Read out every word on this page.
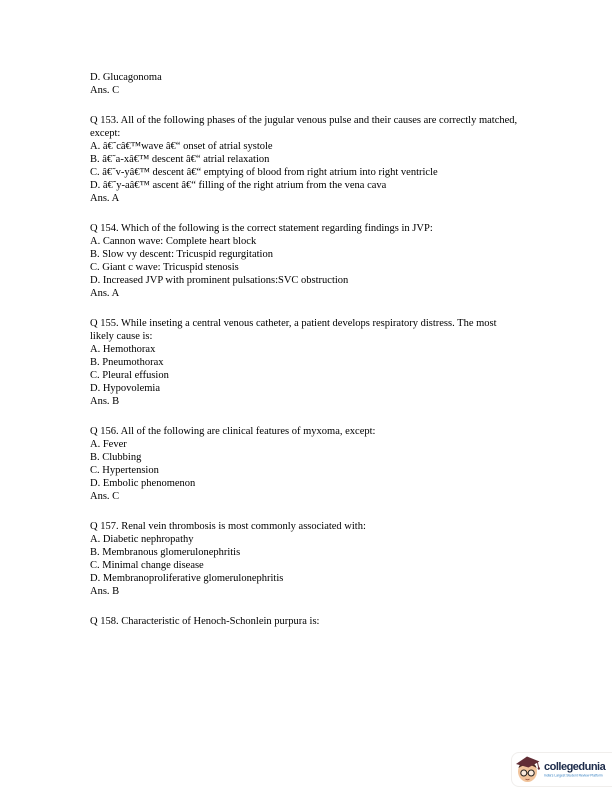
D. Glucagonoma
Ans. C

Q 153. All of the following phases of the jugular venous pulse and their causes are correctly matched, except:

A. â€˜câ€™wave â€“ onset of atrial systole
B. â€˜a-xâ€™ descent â€“ atrial relaxation
C. â€˜v-yâ€™ descent â€“ emptying of blood from right atrium into right ventricle
D. â€˜y-aâ€™ ascent â€“ filling of the right atrium from the vena cava
Ans. A

Q 154. Which of the following is the correct statement regarding findings in JVP:

A. Cannon wave: Complete heart block
B. Slow vy descent: Tricuspid regurgitation
C. Giant c wave: Tricuspid stenosis
D. Increased JVP with prominent pulsations:SVC obstruction
Ans. A

Q 155. While inseting a central venous catheter, a patient develops respiratory distress. The most likely cause is:

A. Hemothorax
B. Pneumothorax
C. Pleural effusion
D. Hypovolemia
Ans. B

Q 156. All of the following are clinical features of myxoma, except:

A. Fever
B. Clubbing
C. Hypertension
D. Embolic phenomenon
Ans. C

Q 157. Renal vein thrombosis is most commonly associated with:

A. Diabetic nephropathy
B. Membranous glomerulonephritis
C. Minimal change disease
D. Membranoproliferative glomerulonephritis
Ans. B

Q 158. Characteristic of Henoch-Schonlein purpura is:

collegedunia
India's Largest Student Review Platform
